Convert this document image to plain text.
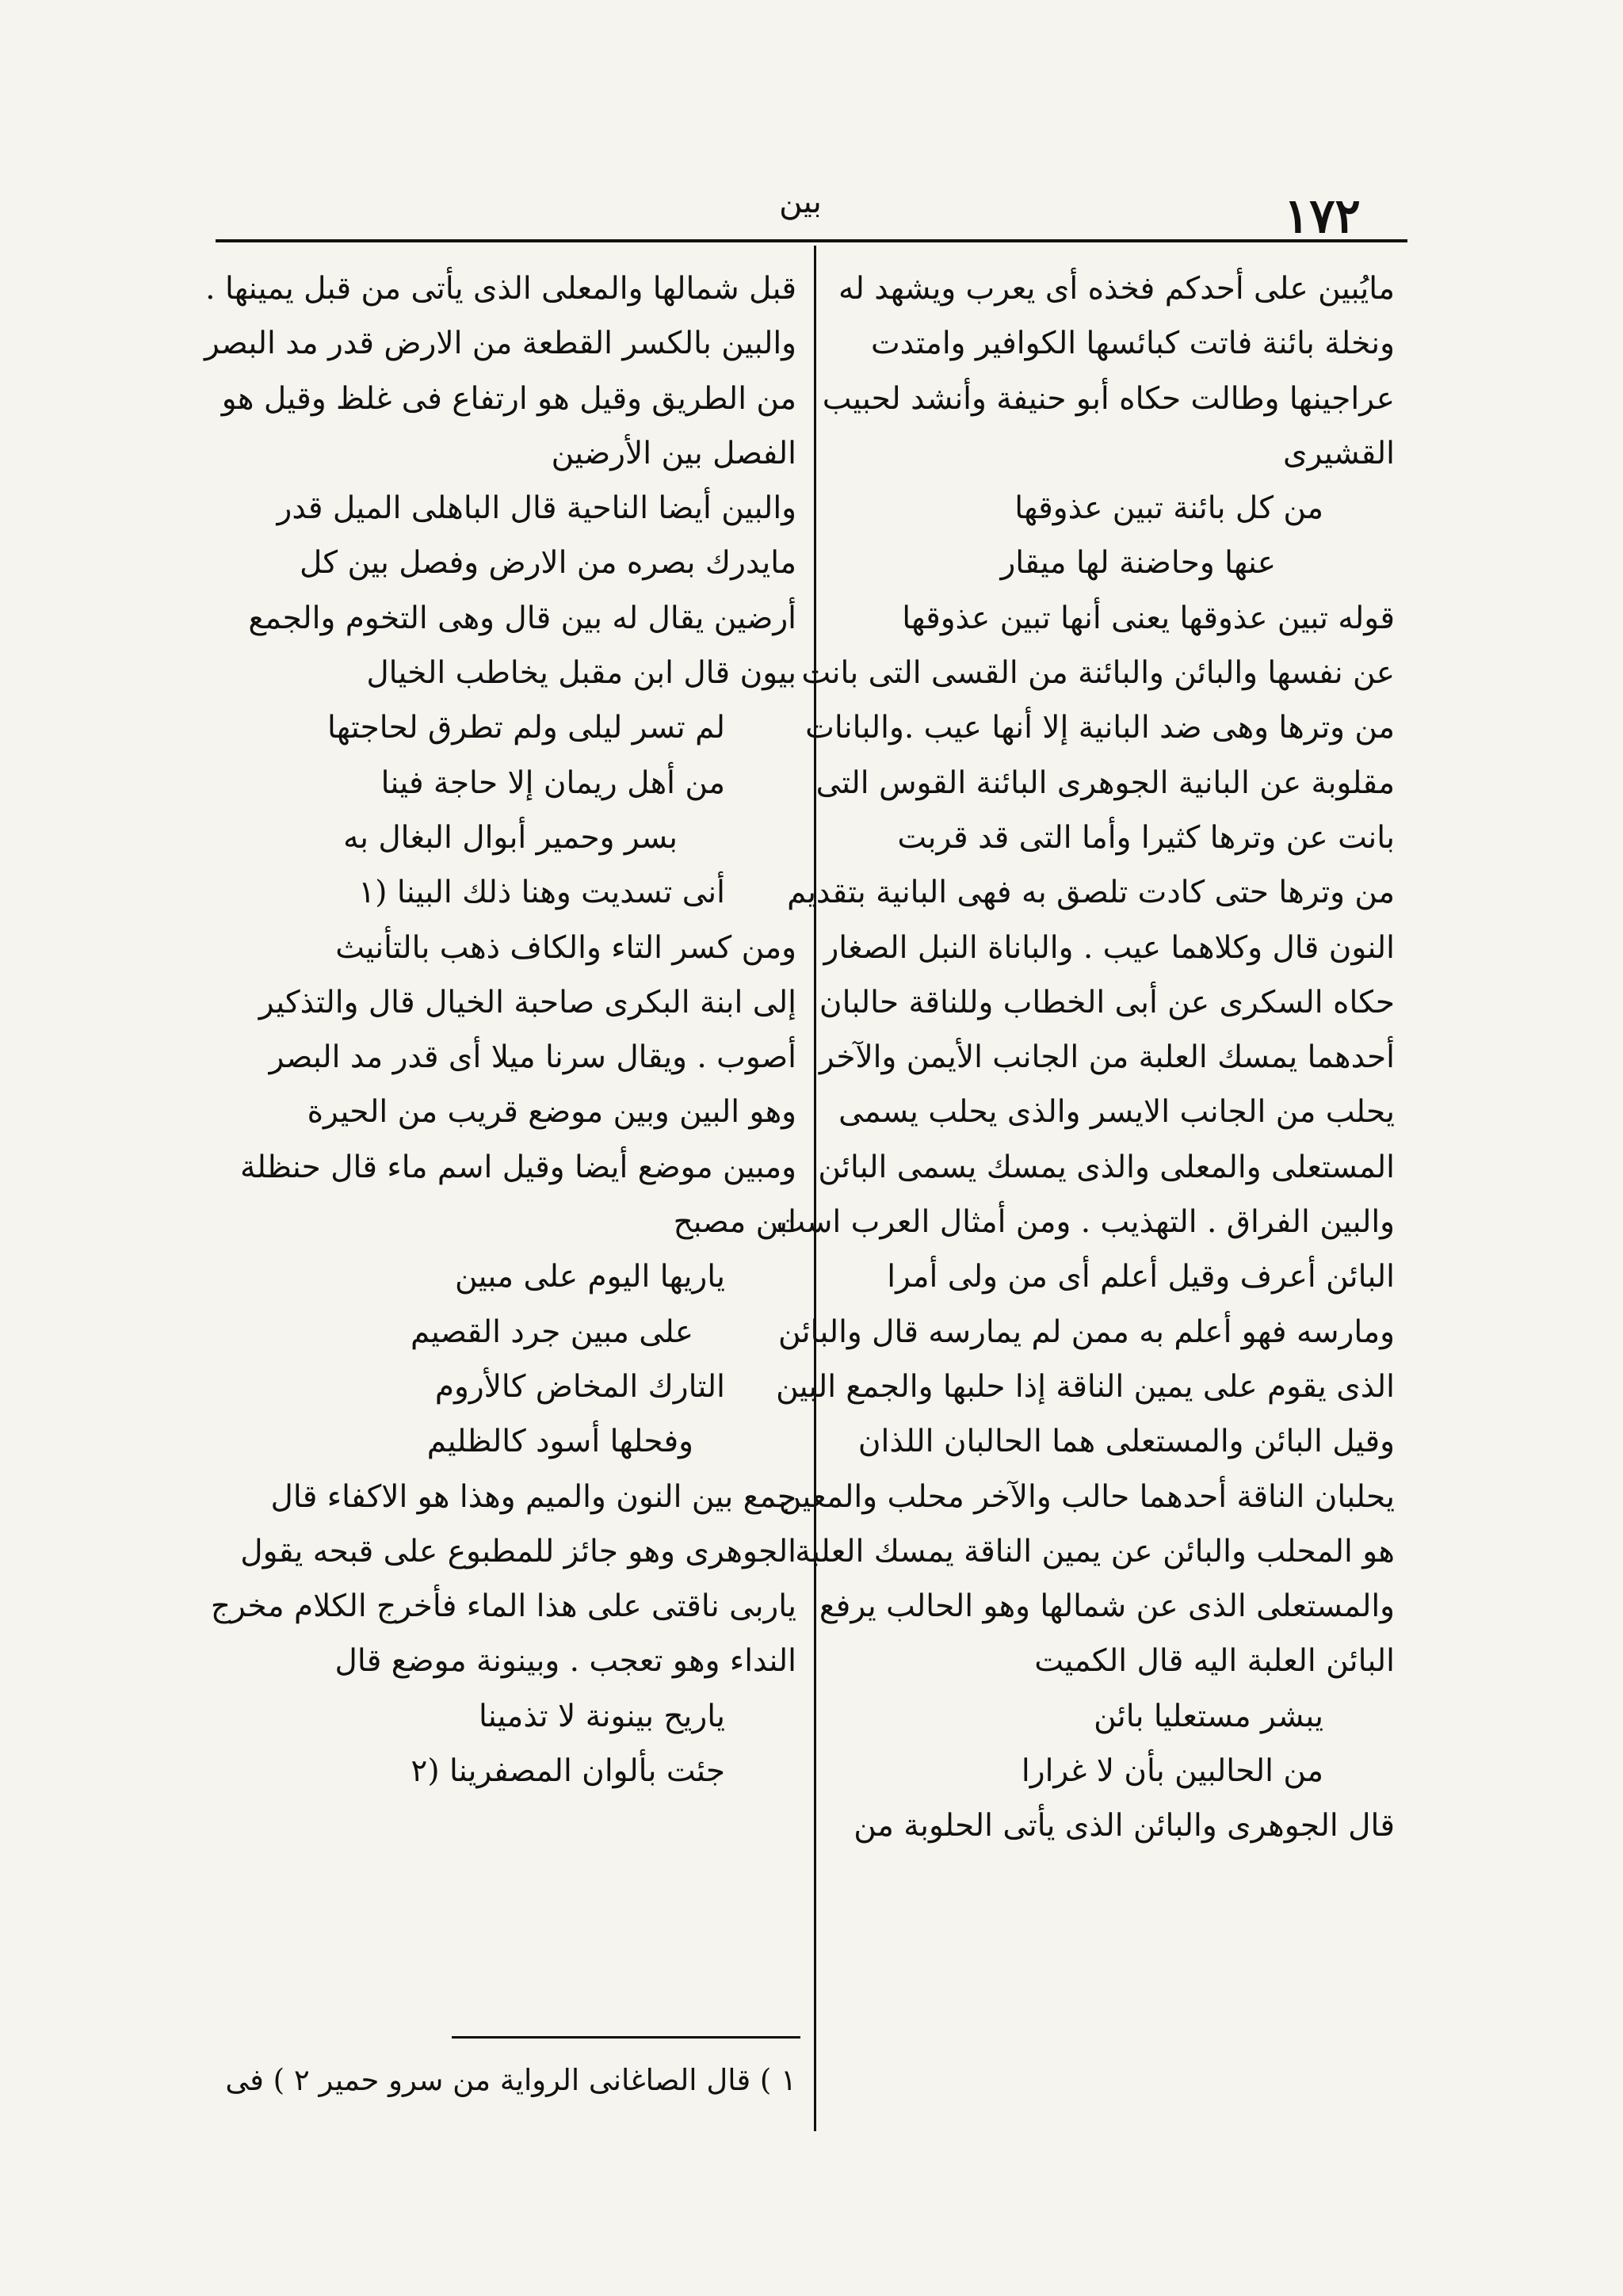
بين	١٧٢

مايُبين على أحدكم فخذه أى يعرب ويشهد له

ونخلة بائنة فاتت كبائسها الكوافير وامتدت

عراجينها وطالت حكاه أبو حنيفة وأنشد لحبيب

القشيرى

من كل بائنة تبين عذوقها

عنها وحاضنة لها ميقار

قوله تبين عذوقها يعنى أنها تبين عذوقها

عن نفسها والبائن والبائنة من القسى التى بانت

من وترها وهى ضد البانية إلا أنها عيب .والبانات

مقلوبة عن البانية الجوهرى البائنة القوس التى

بانت عن وترها كثيرا وأما التى قد قربت

من وترها حتى كادت تلصق به فهى البانية بتقديم

النون قال وكلاهما عيب . والباناة النبل الصغار

حكاه السكرى عن أبى الخطاب وللناقة حالبان

أحدهما يمسك العلبة من الجانب الأيمن والآخر

يحلب من الجانب الايسر والذى يحلب يسمى

المستعلى والمعلى والذى يمسك يسمى البائن

والبين الفراق . التهذيب . ومن أمثال العرب است

البائن أعرف وقيل أعلم أى من ولى أمرا

ومارسه فهو أعلم به ممن لم يمارسه قال والبائن

الذى يقوم على يمين الناقة إذا حلبها والجمع البين

وقيل البائن والمستعلى هما الحالبان اللذان

يحلبان الناقة أحدهما حالب والآخر محلب والمعين

هو المحلب والبائن عن يمين الناقة يمسك العلبة

والمستعلى الذى عن شمالها وهو الحالب يرفع

البائن العلبة اليه قال الكميت

يبشر مستعليا بائن

من الحالبين بأن لا غرارا

قال الجوهرى والبائن الذى يأتى الحلوبة من

قبل شمالها والمعلى الذى يأتى من قبل يمينها .

والبين بالكسر القطعة من الارض قدر مد البصر

من الطريق وقيل هو ارتفاع فى غلظ وقيل هو

الفصل بين الأرضين

والبين أيضا الناحية قال الباهلى الميل قدر

مايدرك بصره من الارض وفصل بين كل

أرضين يقال له بين قال وهى التخوم والجمع

بيون قال ابن مقبل يخاطب الخيال

لم تسر ليلى ولم تطرق لحاجتها

من أهل ريمان إلا حاجة فينا

بسر وحمير أبوال البغال به

أنى تسديت وهنا ذلك البينا (١

ومن كسر التاء والكاف ذهب بالتأنيث

إلى ابنة البكرى صاحبة الخيال قال والتذكير

أصوب . ويقال سرنا ميلا أى قدر مد البصر

وهو البين وبين موضع قريب من الحيرة

ومبين موضع أيضا وقيل اسم ماء قال حنظلة

ابن مصبح

ياريها اليوم على مبين

على مبين جرد القصيم

التارك المخاض كالأروم

وفحلها أسود كالظليم

جمع بين النون والميم وهذا هو الاكفاء قال

الجوهرى وهو جائز للمطبوع على قبحه يقول

ياربى ناقتى على هذا الماء فأخرج الكلام مخرج

النداء وهو تعجب . وبينونة موضع قال

ياريح بينونة لا تذمينا

جئت بألوان المصفرينا (٢

١ ) قال الصاغانى الرواية من سرو حمير ٢ ) فى
